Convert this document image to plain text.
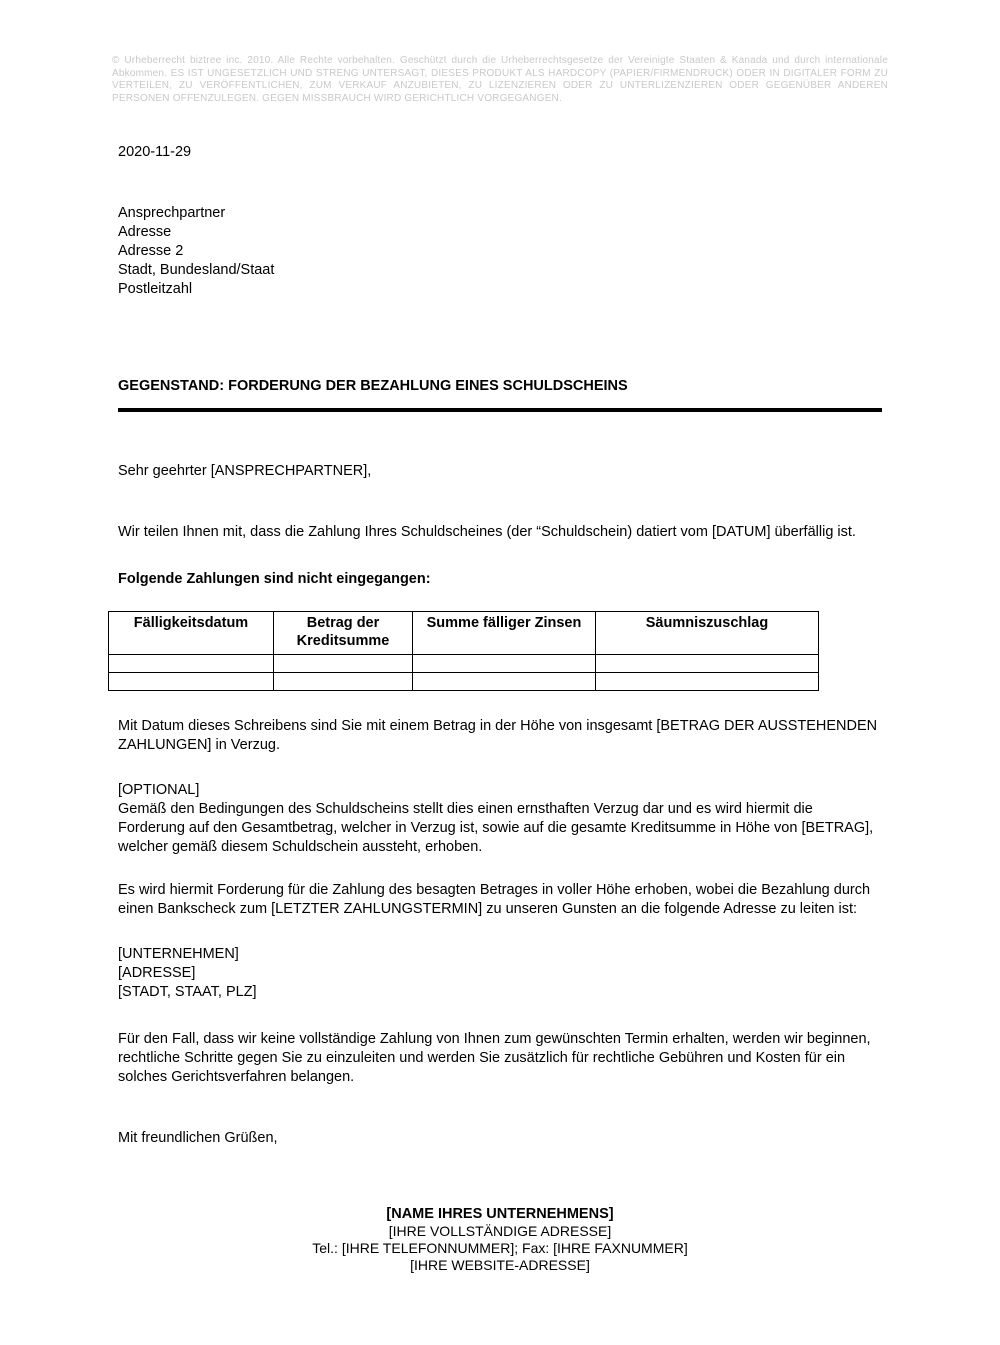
© Urheberrecht biztree inc. 2010. Alle Rechte vorbehalten. Geschützt durch die Urheberrechtsgesetze der Vereinigte Staaten & Kanada und durch internationale Abkommen. ES IST UNGESETZLICH UND STRENG UNTERSAGT, DIESES PRODUKT ALS HARDCOPY (PAPIER/FIRMENDRUCK) ODER IN DIGITALER FORM ZU VERTEILEN, ZU VERÖFFENTLICHEN, ZUM VERKAUF ANZUBIETEN, ZU LIZENZIEREN ODER ZU UNTERLIZENZIEREN ODER GEGENÜBER ANDEREN PERSONEN OFFENZULEGEN. GEGEN MISSBRAUCH WIRD GERICHTLICH VORGEGANGEN.
2020-11-29
Ansprechpartner
Adresse
Adresse 2
Stadt, Bundesland/Staat
Postleitzahl
GEGENSTAND: FORDERUNG DER BEZAHLUNG EINES SCHULDSCHEINS
Sehr geehrter [ANSPRECHPARTNER],

Wir teilen Ihnen mit, dass die Zahlung Ihres Schuldscheines (der “Schuldschein) datiert vom [DATUM] überfällig ist.

Folgende Zahlungen sind nicht eingegangen:
Fälligkeitsdatum	Betrag der Kreditsumme	Summe fälliger Zinsen	Säumniszuschlag

Mit Datum dieses Schreibens sind Sie mit einem Betrag in der Höhe von insgesamt [BETRAG DER AUSSTEHENDEN ZAHLUNGEN] in Verzug.

[OPTIONAL]

Gemäß den Bedingungen des Schuldscheins stellt dies einen ernsthaften Verzug dar und es wird hiermit die Forderung auf den Gesamtbetrag, welcher in Verzug ist, sowie auf die gesamte Kreditsumme in Höhe von [BETRAG], welcher gemäß diesem Schuldschein aussteht, erhoben.

Es wird hiermit Forderung für die Zahlung des besagten Betrages in voller Höhe erhoben, wobei die Bezahlung durch einen Bankscheck zum [LETZTER ZAHLUNGSTERMIN] zu unseren Gunsten an die folgende Adresse zu leiten ist:

[UNTERNEHMEN]
[ADRESSE]
[STADT, STAAT, PLZ]

Für den Fall, dass wir keine vollständige Zahlung von Ihnen zum gewünschten Termin erhalten, werden wir beginnen, rechtliche Schritte gegen Sie zu einzuleiten und werden Sie zusätzlich für rechtliche Gebühren und Kosten für ein solches Gerichtsverfahren belangen.

Mit freundlichen Grüßen,
[NAME IHRES UNTERNEHMENS]
[IHRE VOLLSTÄNDIGE ADRESSE]
Tel.: [IHRE TELEFONNUMMER]; Fax: [IHRE FAXNUMMER]
[IHRE WEBSITE-ADRESSE]
